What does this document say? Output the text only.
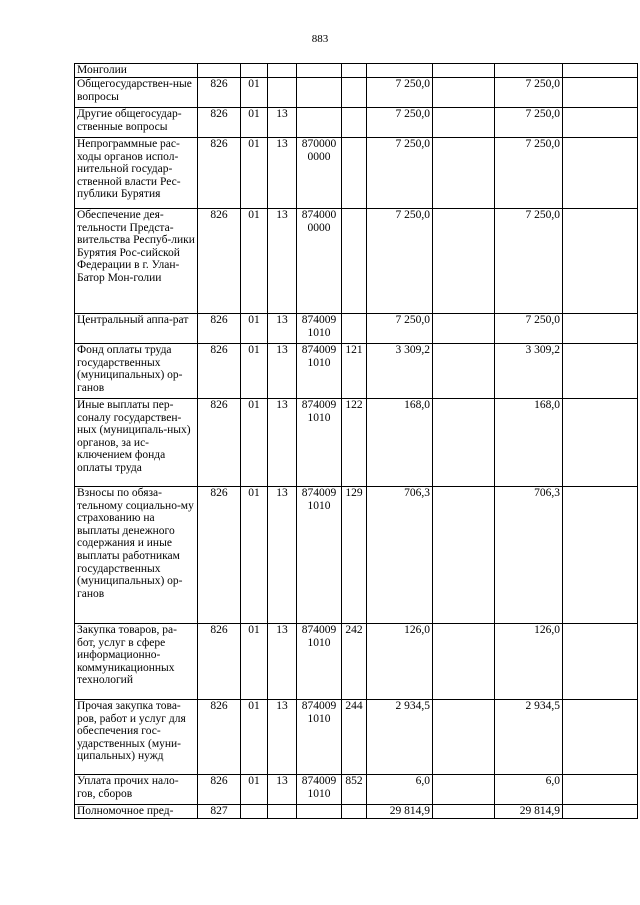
883
Монголии									
Общегосударствен-ные вопросы	826	01				7 250,0		7 250,0	
Другие общегосудар-ственные вопросы	826	01	13			7 250,0		7 250,0	
Непрограммные рас-ходы органов испол-нительной государ-ственной власти Рес-публики Бурятия	826	01	13	870000 0000		7 250,0		7 250,0	
Обеспечение дея-тельности Предста-вительства Респуб-лики Бурятия Рос-сийской Федерации в г. Улан-Батор Мон-голии	826	01	13	874000 0000		7 250,0		7 250,0	
Центральный аппа-рат	826	01	13	874009 1010		7 250,0		7 250,0	
Фонд оплаты труда государственных (муниципальных) ор-ганов	826	01	13	874009 1010	121	3 309,2		3 309,2	
Иные выплаты пер-соналу государствен-ных (муниципаль-ных) органов, за ис-ключением фонда оплаты труда	826	01	13	874009 1010	122	168,0		168,0	
Взносы по обяза-тельному социально-му страхованию на выплаты денежного содержания и иные выплаты работникам государственных (муниципальных) ор-ганов	826	01	13	874009 1010	129	706,3		706,3	
Закупка товаров, ра-бот, услуг в сфере информационно-коммуникационных технологий	826	01	13	874009 1010	242	126,0		126,0	
Прочая закупка това-ров, работ и услуг для обеспечения гос-ударственных (муни-ципальных) нужд	826	01	13	874009 1010	244	2 934,5		2 934,5	
Уплата прочих нало-гов, сборов	826	01	13	874009 1010	852	6,0		6,0	
Полномочное пред-	827					29 814,9		29 814,9	
